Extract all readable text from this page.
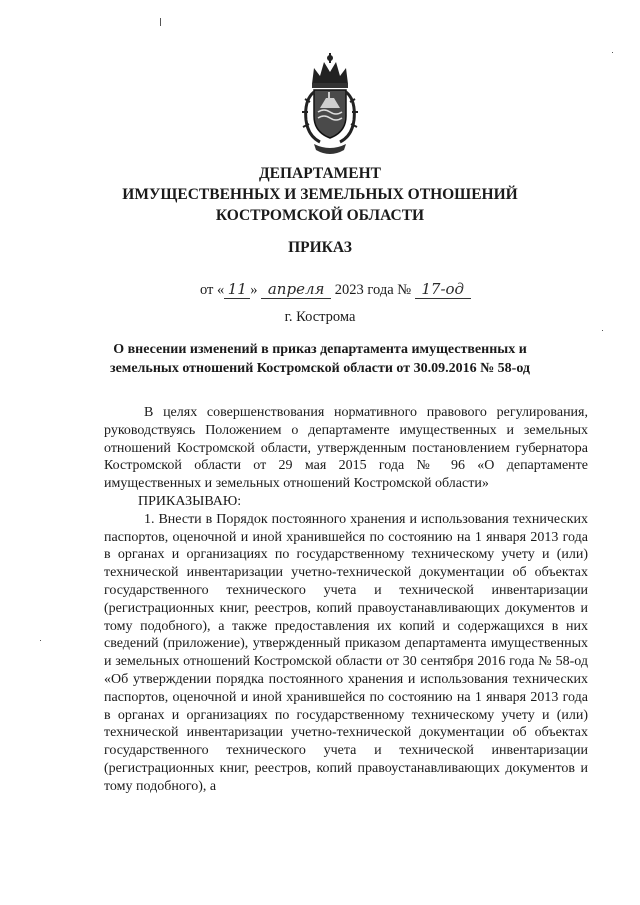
ДЕПАРТАМЕНТ
ИМУЩЕСТВЕННЫХ И ЗЕМЕЛЬНЫХ ОТНОШЕНИЙ
КОСТРОМСКОЙ ОБЛАСТИ
ПРИКАЗ
от « 11 » апреля 2023 года № 17-од
г. Кострома
О внесении изменений в приказ департамента имущественных и
земельных отношений Костромской области от 30.09.2016 № 58-од

В целях совершенствования нормативного правового регулирования, руководствуясь Положением о департаменте имущественных и земельных отношений Костромской области, утвержденным постановлением губернатора Костромской области от 29 мая 2015 года № 96 «О департаменте имущественных и земельных отношений Костромской области»

ПРИКАЗЫВАЮ:

1. Внести в Порядок постоянного хранения и использования технических паспортов, оценочной и иной хранившейся по состоянию на 1 января 2013 года в органах и организациях по государственному техническому учету и (или) технической инвентаризации учетно-технической документации об объектах государственного технического учета и технической инвентаризации (регистрационных книг, реестров, копий правоустанавливающих документов и тому подобного), а также предоставления их копий и содержащихся в них сведений (приложение), утвержденный приказом департамента имущественных и земельных отношений Костромской области от 30 сентября 2016 года № 58-од «Об утверждении порядка постоянного хранения и использования технических паспортов, оценочной и иной хранившейся по состоянию на 1 января 2013 года в органах и организациях по государственному техническому учету и (или) технической инвентаризации учетно-технической документации об объектах государственного технического учета и технической инвентаризации (регистрационных книг, реестров, копий правоустанавливающих документов и тому подобного), а
